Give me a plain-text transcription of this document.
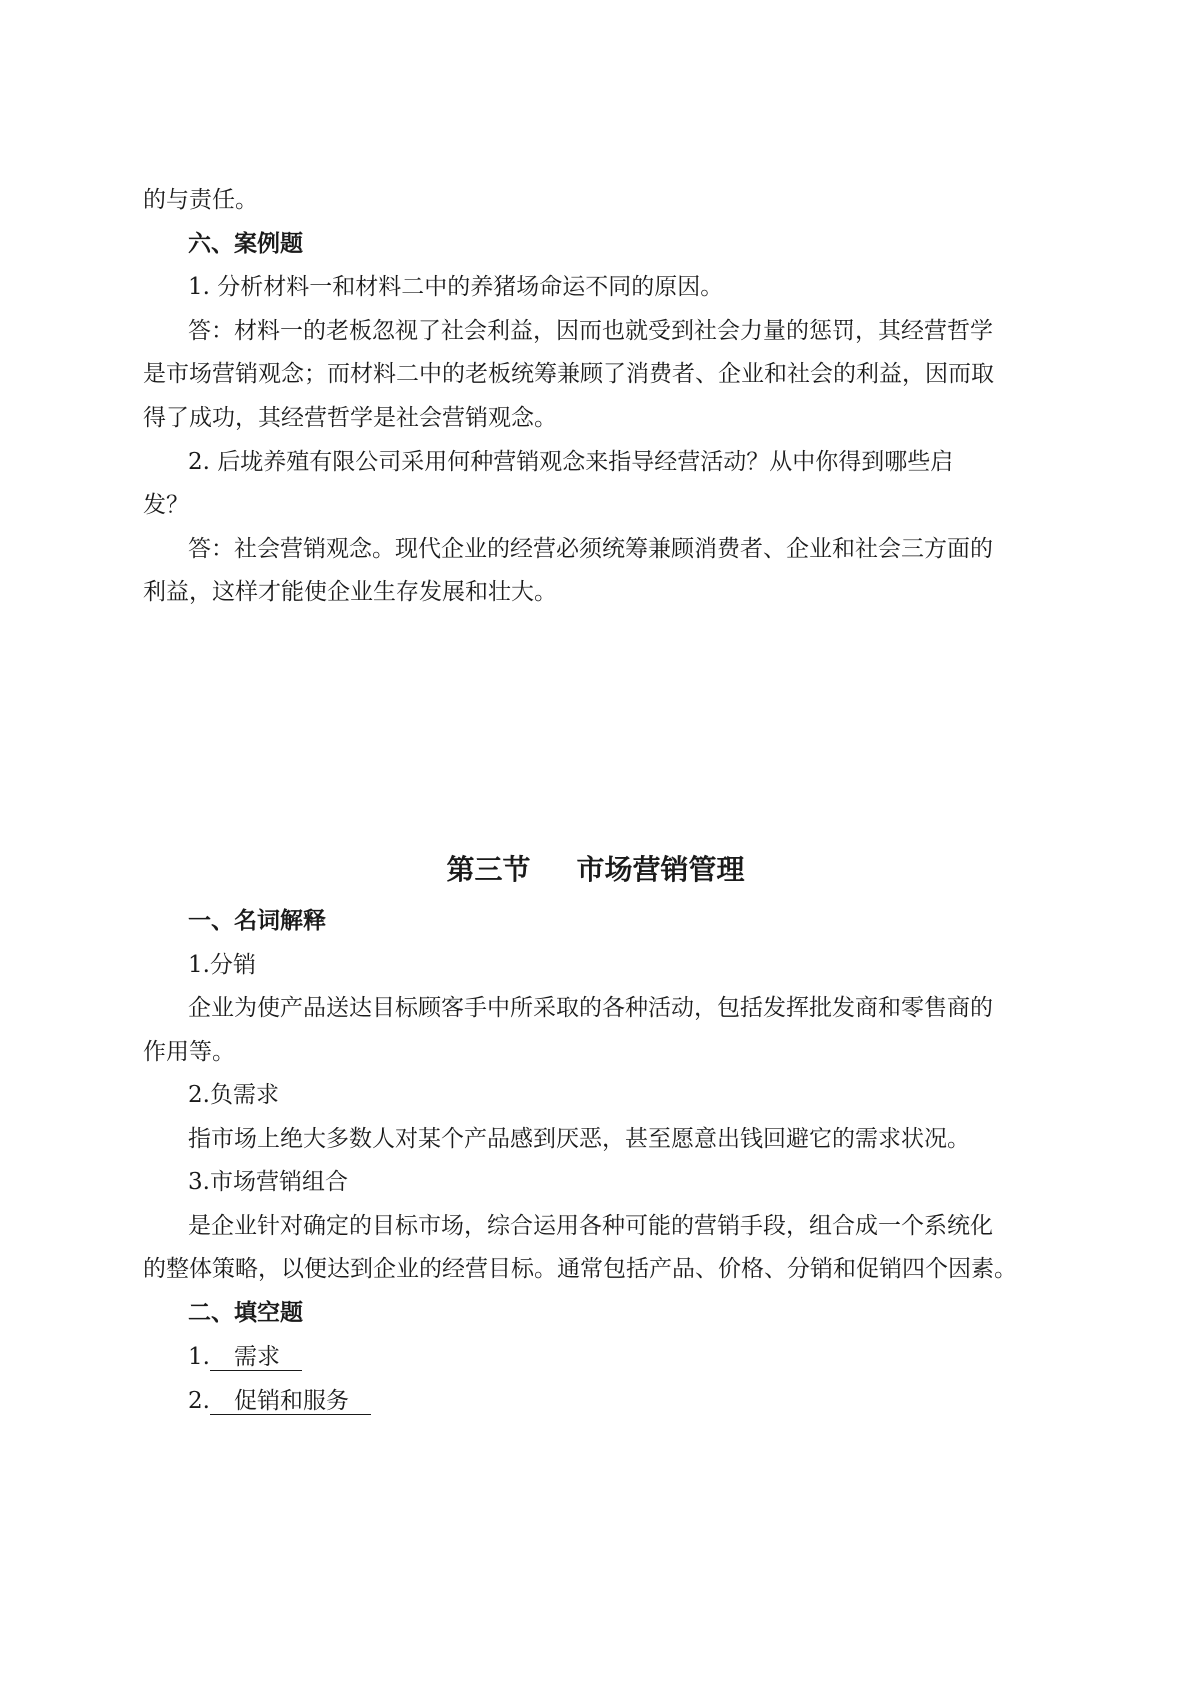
的与责任。
六、案例题
1. 分析材料一和材料二中的养猪场命运不同的原因。
答：材料一的老板忽视了社会利益，因而也就受到社会力量的惩罚，其经营哲学
是市场营销观念；而材料二中的老板统筹兼顾了消费者、企业和社会的利益，因而取
得了成功，其经营哲学是社会营销观念。
2. 后垅养殖有限公司采用何种营销观念来指导经营活动？从中你得到哪些启
发？
答：社会营销观念。现代企业的经营必须统筹兼顾消费者、企业和社会三方面的
利益，这样才能使企业生存发展和壮大。
第三节 市场营销管理
一、名词解释
1.分销
企业为使产品送达目标顾客手中所采取的各种活动，包括发挥批发商和零售商的
作用等。
2.负需求
指市场上绝大多数人对某个产品感到厌恶，甚至愿意出钱回避它的需求状况。
3.市场营销组合
是企业针对确定的目标市场，综合运用各种可能的营销手段，组合成一个系统化
的整体策略，以便达到企业的经营目标。通常包括产品、价格、分销和促销四个因素。
二、填空题
1. 需求
2. 促销和服务
